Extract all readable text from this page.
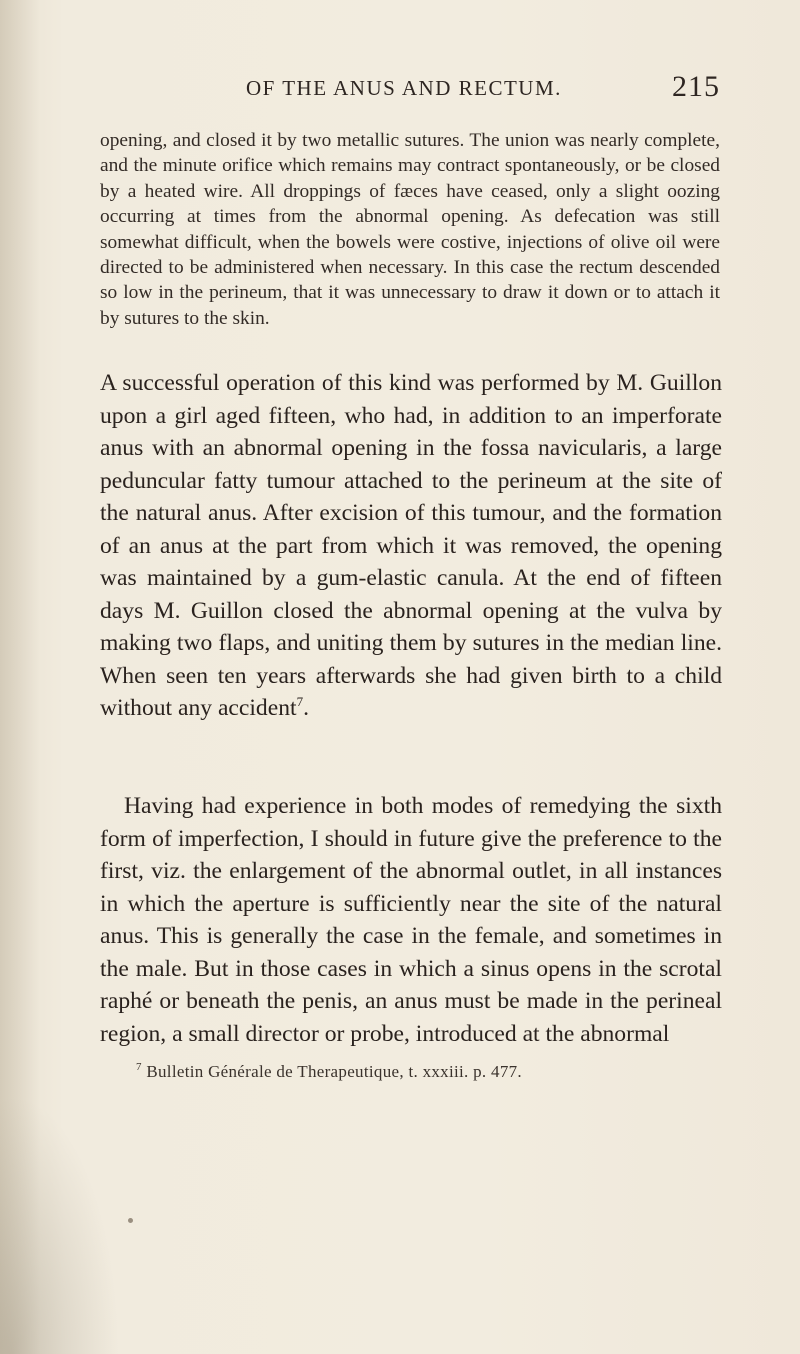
OF THE ANUS AND RECTUM.	215

opening, and closed it by two metallic sutures. The union was nearly complete, and the minute orifice which remains may contract spontaneously, or be closed by a heated wire. All droppings of fæces have ceased, only a slight oozing occurring at times from the abnormal opening. As defecation was still somewhat difficult, when the bowels were costive, injections of olive oil were directed to be administered when necessary. In this case the rectum descended so low in the perineum, that it was unnecessary to draw it down or to attach it by sutures to the skin.

A successful operation of this kind was performed by M. Guillon upon a girl aged fifteen, who had, in addition to an imperforate anus with an abnormal opening in the fossa navicularis, a large peduncular fatty tumour attached to the perineum at the site of the natural anus. After excision of this tumour, and the formation of an anus at the part from which it was removed, the opening was maintained by a gum-elastic canula. At the end of fifteen days M. Guillon closed the abnormal opening at the vulva by making two flaps, and uniting them by sutures in the median line. When seen ten years afterwards she had given birth to a child without any accident$^7$.

Having had experience in both modes of remedying the sixth form of imperfection, I should in future give the preference to the first, viz. the enlargement of the abnormal outlet, in all instances in which the aperture is sufficiently near the site of the natural anus. This is generally the case in the female, and sometimes in the male. But in those cases in which a sinus opens in the scrotal raphé or beneath the penis, an anus must be made in the perineal region, a small director or probe, introduced at the abnormal

$^7$ Bulletin Générale de Therapeutique, t. xxxiii. p. 477.
